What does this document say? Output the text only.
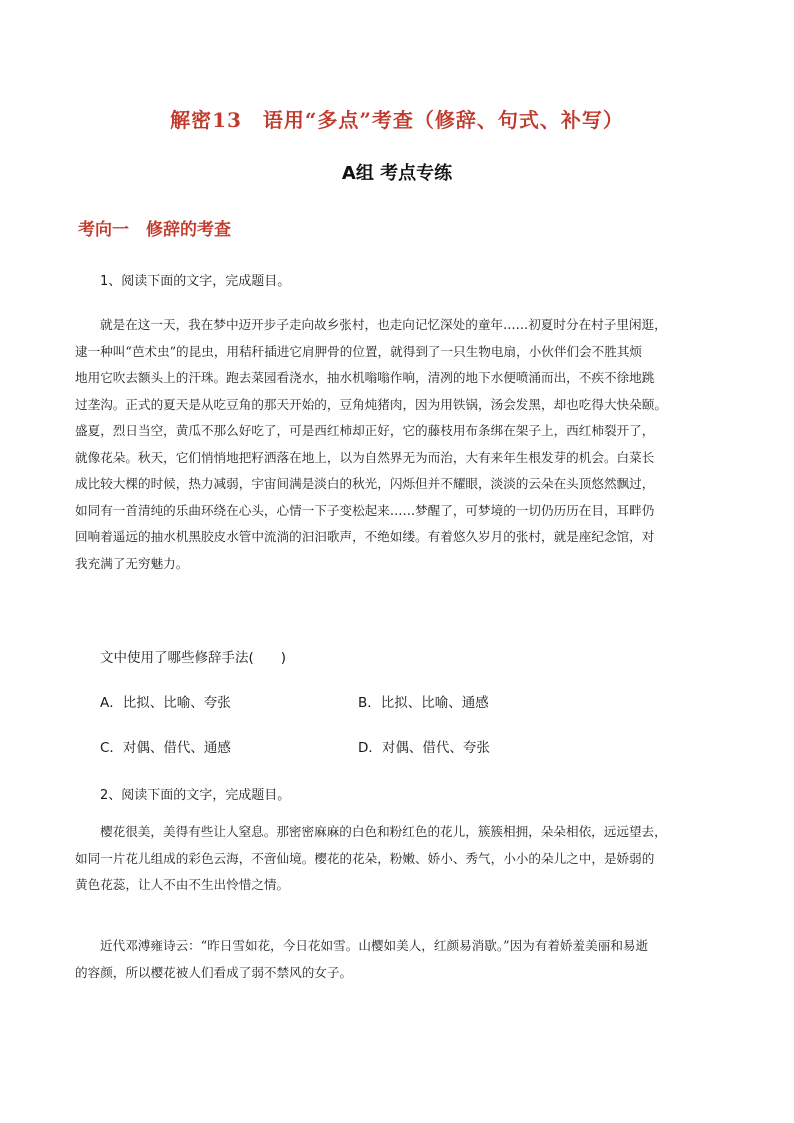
解密13　语用“多点”考查（修辞、句式、补写）
A组 考点专练
考向一　修辞的考查
1、阅读下面的文字，完成题目。
就是在这一天，我在梦中迈开步子走向故乡张村，也走向记忆深处的童年……初夏时分在村子里闲逛，
逮一种叫“芭术虫”的昆虫，用秸秆插进它肩胛骨的位置，就得到了一只生物电扇，小伙伴们会不胜其烦
地用它吹去额头上的汗珠。跑去菜园看浇水，抽水机嗡嗡作响，清冽的地下水便喷涌而出，不疾不徐地跳
过垄沟。正式的夏天是从吃豆角的那天开始的，豆角炖猪肉，因为用铁锅，汤会发黑，却也吃得大快朵颐。
盛夏，烈日当空，黄瓜不那么好吃了，可是西红柿却正好，它的藤枝用布条绑在架子上，西红柿裂开了，
就像花朵。秋天，它们悄悄地把籽洒落在地上，以为自然界无为而治，大有来年生根发芽的机会。白菜长
成比较大棵的时候，热力减弱，宇宙间满是淡白的秋光，闪烁但并不耀眼，淡淡的云朵在头顶悠然飘过，
如同有一首清纯的乐曲环绕在心头，心情一下子变松起来……梦醒了，可梦境的一切仍历历在目，耳畔仍
回响着遥远的抽水机黑胶皮水管中流淌的汩汩歌声，不绝如缕。有着悠久岁月的张村，就是座纪念馆，对
我充满了无穷魅力。
文中使用了哪些修辞手法(　　)
A．比拟、比喻、夸张	B．比拟、比喻、通感
C．对偶、借代、通感	D．对偶、借代、夸张
2、阅读下面的文字，完成题目。
樱花很美，美得有些让人窒息。那密密麻麻的白色和粉红色的花儿，簇簇相拥，朵朵相依，远远望去，
如同一片花儿组成的彩色云海，不啻仙境。樱花的花朵，粉嫩、娇小、秀气，小小的朵儿之中，是娇弱的
黄色花蕊，让人不由不生出怜惜之情。
近代邓溥雍诗云：“昨日雪如花，今日花如雪。山樱如美人，红颜易消歇。”因为有着娇羞美丽和易逝
的容颜，所以樱花被人们看成了弱不禁风的女子。
